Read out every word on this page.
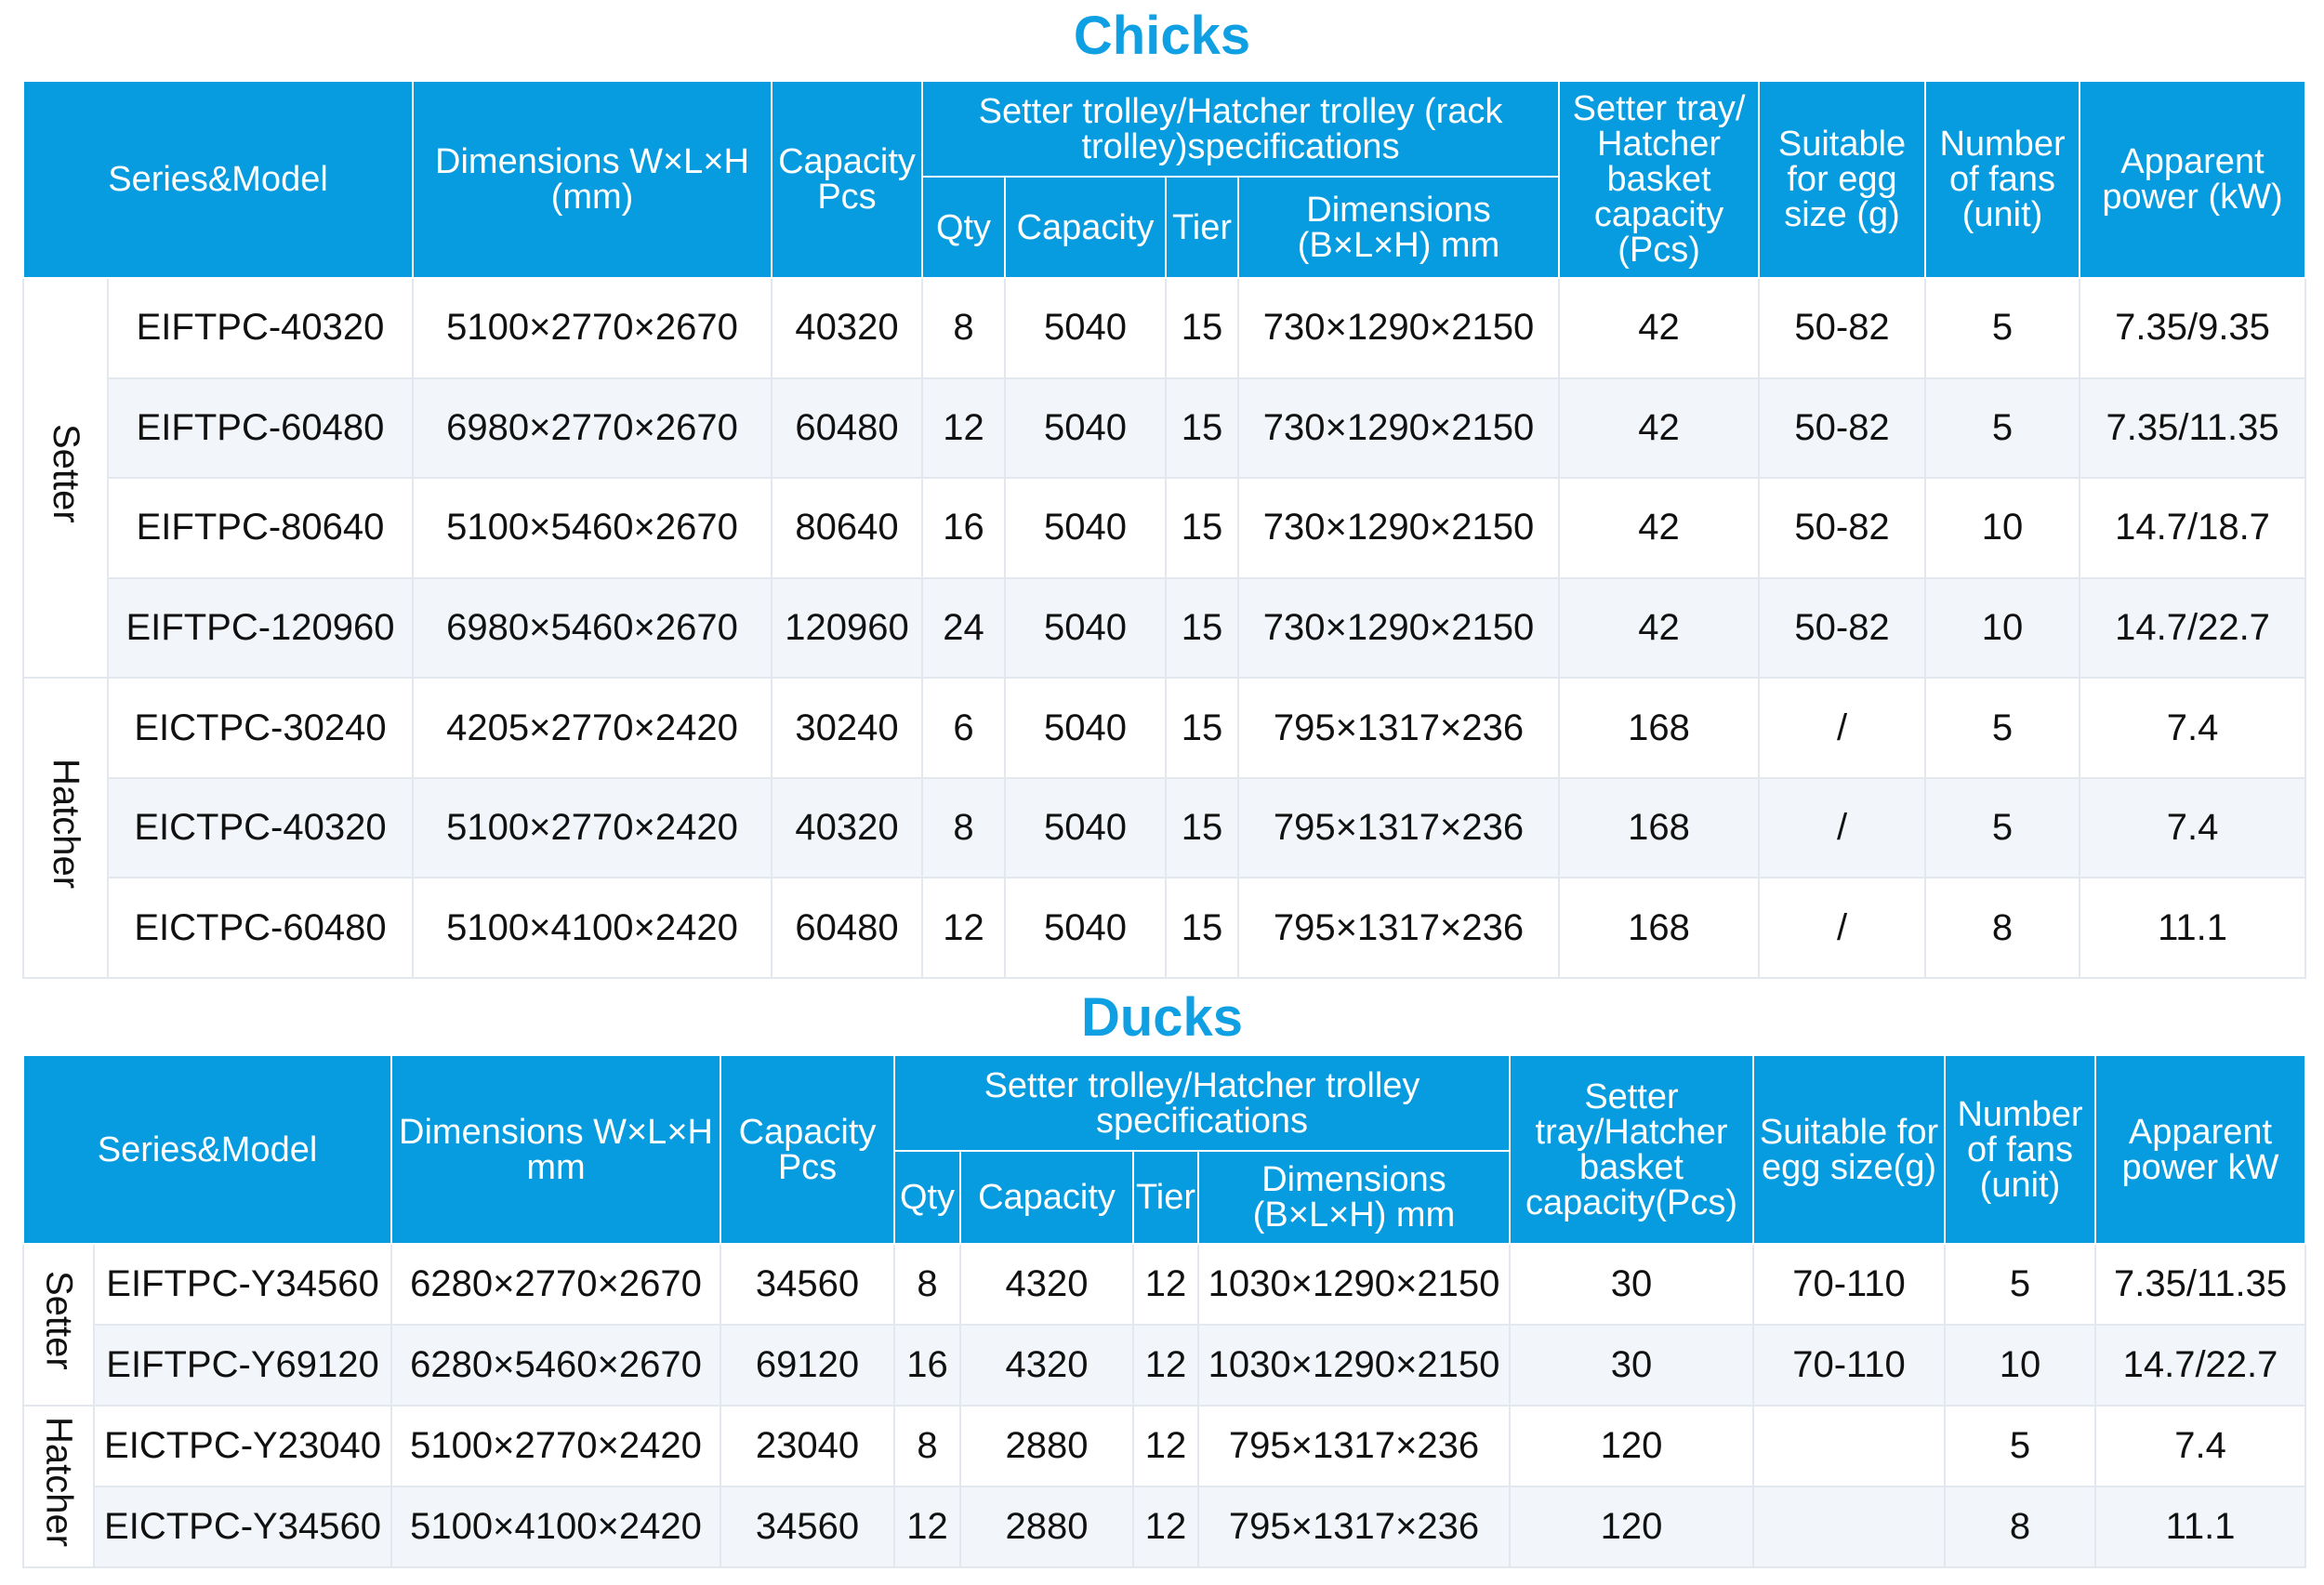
Chicks
Series&Model		Dimensions W×L×H (mm)	Capacity Pcs	Setter trolley/Hatcher trolley (rack trolley)specifications				Setter tray/ Hatcher basket capacity (Pcs)	Suitable for egg size (g)	Number of fans (unit)	Apparent power (kW)
				Qty	Capacity	Tier	Dimensions (B×L×H) mm				
Setter	EIFTPC-40320	5100×2770×2670	40320	8	5040	15	730×1290×2150	42	50-82	5	7.35/9.35
	EIFTPC-60480	6980×2770×2670	60480	12	5040	15	730×1290×2150	42	50-82	5	7.35/11.35
	EIFTPC-80640	5100×5460×2670	80640	16	5040	15	730×1290×2150	42	50-82	10	14.7/18.7
	EIFTPC-120960	6980×5460×2670	120960	24	5040	15	730×1290×2150	42	50-82	10	14.7/22.7
Hatcher	EICTPC-30240	4205×2770×2420	30240	6	5040	15	795×1317×236	168	/	5	7.4
	EICTPC-40320	5100×2770×2420	40320	8	5040	15	795×1317×236	168	/	5	7.4
	EICTPC-60480	5100×4100×2420	60480	12	5040	15	795×1317×236	168	/	8	11.1
Ducks
Series&Model		Dimensions W×L×H mm	Capacity Pcs	Setter trolley/Hatcher trolley specifications				Setter tray/Hatcher basket capacity(Pcs)	Suitable for egg size(g)	Number of fans (unit)	Apparent power kW
				Qty	Capacity	Tier	Dimensions (B×L×H) mm				
Setter	EIFTPC-Y34560	6280×2770×2670	34560	8	4320	12	1030×1290×2150	30	70-110	5	7.35/11.35
	EIFTPC-Y69120	6280×5460×2670	69120	16	4320	12	1030×1290×2150	30	70-110	10	14.7/22.7
Hatcher	EICTPC-Y23040	5100×2770×2420	23040	8	2880	12	795×1317×236	120		5	7.4
	EICTPC-Y34560	5100×4100×2420	34560	12	2880	12	795×1317×236	120		8	11.1
